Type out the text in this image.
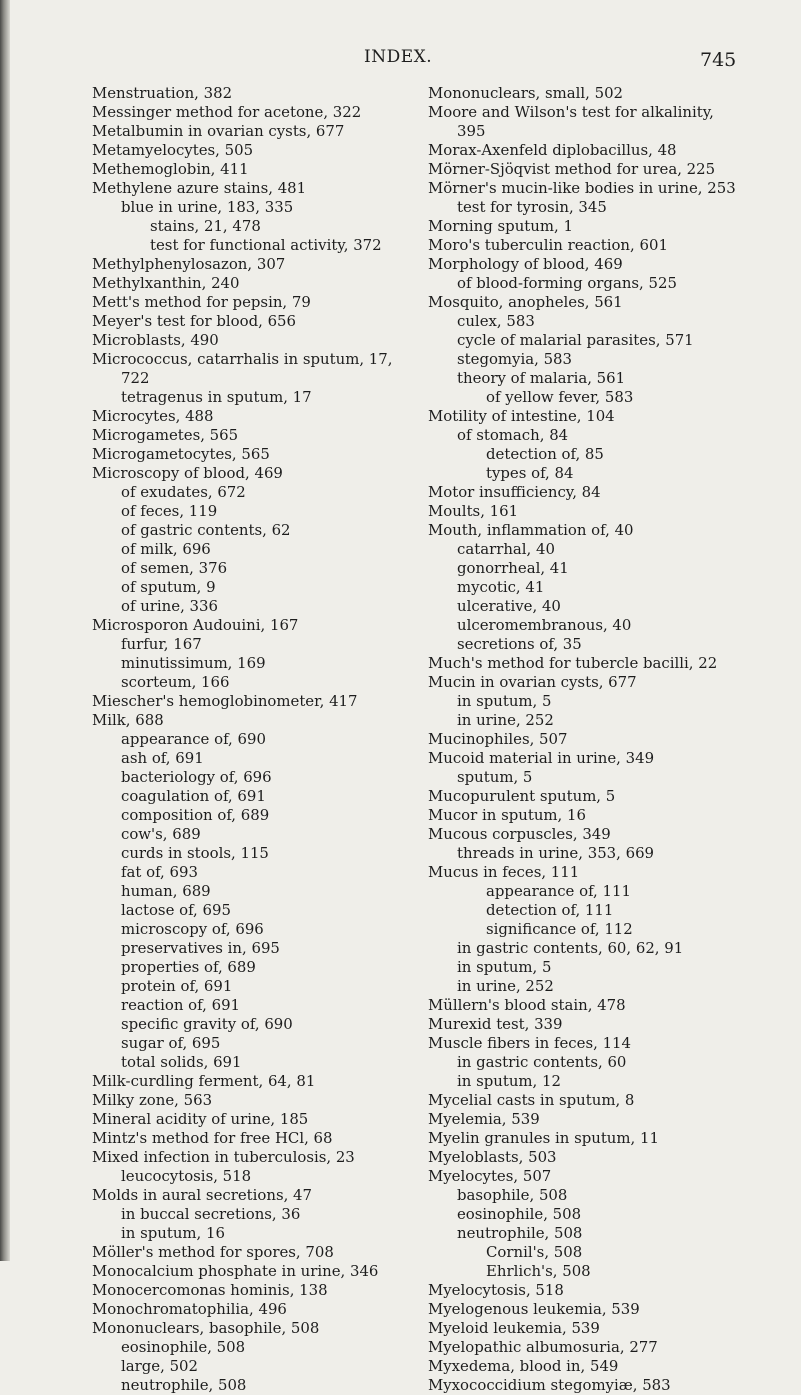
INDEX.	745
Menstruation, 382
Messinger method for acetone, 322
Metalbumin in ovarian cysts, 677
Metamyelocytes, 505
Methemoglobin, 411
Methylene azure stains, 481
blue in urine, 183, 335
stains, 21, 478
test for functional activity, 372
Methylphenylosazon, 307
Methylxanthin, 240
Mett's method for pepsin, 79
Meyer's test for blood, 656
Microblasts, 490
Micrococcus, catarrhalis in sputum, 17,
722
tetragenus in sputum, 17
Microcytes, 488
Microgametes, 565
Microgametocytes, 565
Microscopy of blood, 469
of exudates, 672
of feces, 119
of gastric contents, 62
of milk, 696
of semen, 376
of sputum, 9
of urine, 336
Microsporon Audouini, 167
furfur, 167
minutissimum, 169
scorteum, 166
Miescher's hemoglobinometer, 417
Milk, 688
appearance of, 690
ash of, 691
bacteriology of, 696
coagulation of, 691
composition of, 689
cow's, 689
curds in stools, 115
fat of, 693
human, 689
lactose of, 695
microscopy of, 696
preservatives in, 695
properties of, 689
protein of, 691
reaction of, 691
specific gravity of, 690
sugar of, 695
total solids, 691
Milk-curdling ferment, 64, 81
Milky zone, 563
Mineral acidity of urine, 185
Mintz's method for free HCl, 68
Mixed infection in tuberculosis, 23
leucocytosis, 518
Molds in aural secretions, 47
in buccal secretions, 36
in sputum, 16
Möller's method for spores, 708
Monocalcium phosphate in urine, 346
Monocercomonas hominis, 138
Monochromatophilia, 496
Mononuclears, basophile, 508
eosinophile, 508
large, 502
neutrophile, 508
Mononuclears, small, 502
Moore and Wilson's test for alkalinity,
395
Morax-Axenfeld diplobacillus, 48
Mörner-Sjöqvist method for urea, 225
Mörner's mucin-like bodies in urine, 253
test for tyrosin, 345
Morning sputum, 1
Moro's tuberculin reaction, 601
Morphology of blood, 469
of blood-forming organs, 525
Mosquito, anopheles, 561
culex, 583
cycle of malarial parasites, 571
stegomyia, 583
theory of malaria, 561
of yellow fever, 583
Motility of intestine, 104
of stomach, 84
detection of, 85
types of, 84
Motor insufficiency, 84
Moults, 161
Mouth, inflammation of, 40
catarrhal, 40
gonorrheal, 41
mycotic, 41
ulcerative, 40
ulceromembranous, 40
secretions of, 35
Much's method for tubercle bacilli, 22
Mucin in ovarian cysts, 677
in sputum, 5
in urine, 252
Mucinophiles, 507
Mucoid material in urine, 349
sputum, 5
Mucopurulent sputum, 5
Mucor in sputum, 16
Mucous corpuscles, 349
threads in urine, 353, 669
Mucus in feces, 111
appearance of, 111
detection of, 111
significance of, 112
in gastric contents, 60, 62, 91
in sputum, 5
in urine, 252
Müllern's blood stain, 478
Murexid test, 339
Muscle fibers in feces, 114
in gastric contents, 60
in sputum, 12
Mycelial casts in sputum, 8
Myelemia, 539
Myelin granules in sputum, 11
Myeloblasts, 503
Myelocytes, 507
basophile, 508
eosinophile, 508
neutrophile, 508
Cornil's, 508
Ehrlich's, 508
Myelocytosis, 518
Myelogenous leukemia, 539
Myeloid leukemia, 539
Myelopathic albumosuria, 277
Myxedema, blood in, 549
Myxococcidium stegomyiæ, 583
